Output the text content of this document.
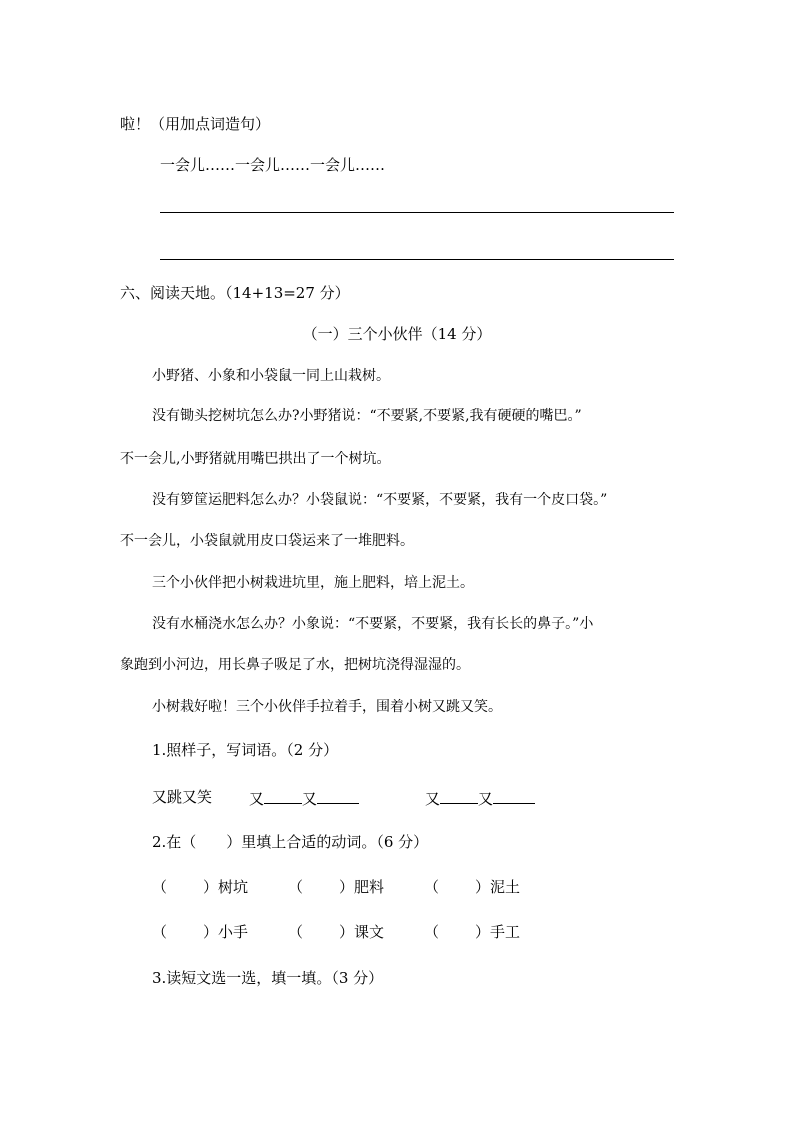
啦！（用加点词造句）
一会儿……一会儿……一会儿……
六、阅读天地。（14+13=27 分）
（一）三个小伙伴（14 分）
小野猪、小象和小袋鼠一同上山栽树。
没有锄头挖树坑怎么办?小野猪说：“不要紧,不要紧,我有硬硬的嘴巴。”
不一会儿,小野猪就用嘴巴拱出了一个树坑。
没有箩筐运肥料怎么办？小袋鼠说：“不要紧，不要紧，我有一个皮口袋。”
不一会儿，小袋鼠就用皮口袋运来了一堆肥料。
三个小伙伴把小树栽进坑里，施上肥料，培上泥土。
没有水桶浇水怎么办？小象说：“不要紧，不要紧，我有长长的鼻子。”小
象跑到小河边，用长鼻子吸足了水，把树坑浇得湿湿的。
小树栽好啦！三个小伙伴手拉着手，围着小树又跳又笑。
1.照样子，写词语。（2 分）
又跳又笑 又	又	又	又
2.在（　　）里填上合适的动词。（6 分）
（ ）树坑	（ ）肥料	（ ）泥土
（ ）小手	（ ）课文	（ ）手工
3.读短文选一选，填一填。（3 分）
